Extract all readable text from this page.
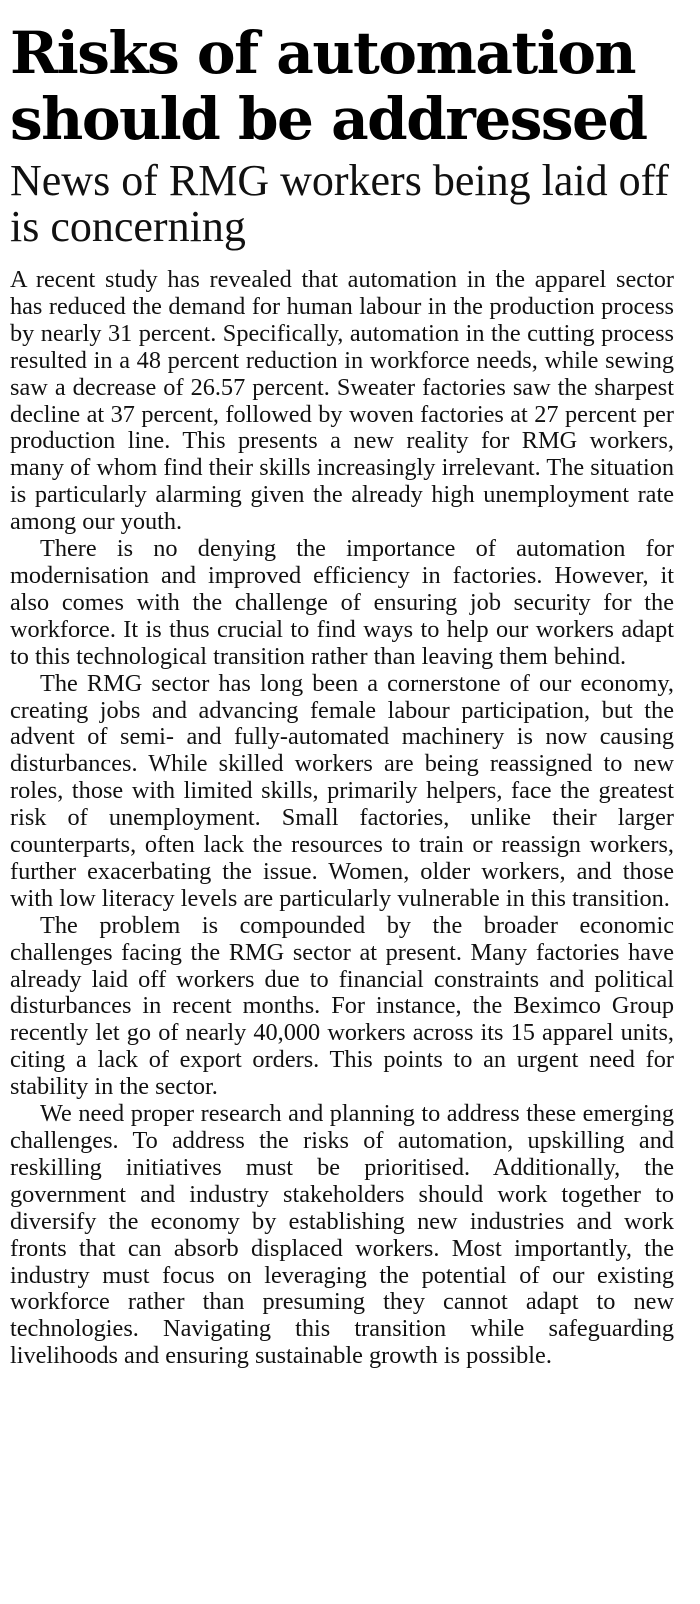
Risks of automation should be addressed
News of RMG workers being laid off is concerning

A recent study has revealed that automation in the apparel sector has reduced the demand for human labour in the production process by nearly 31 percent. Specifically, automation in the cutting process resulted in a 48 percent reduction in workforce needs, while sewing saw a decrease of 26.57 percent. Sweater factories saw the sharpest decline at 37 percent, followed by woven factories at 27 percent per production line. This presents a new reality for RMG workers, many of whom find their skills increasingly irrelevant. The situation is particularly alarming given the already high unemployment rate among our youth.

There is no denying the importance of automation for modernisation and improved efficiency in factories. However, it also comes with the challenge of ensuring job security for the workforce. It is thus crucial to find ways to help our workers adapt to this technological transition rather than leaving them behind.

The RMG sector has long been a cornerstone of our economy, creating jobs and advancing female labour participation, but the advent of semi- and fully-automated machinery is now causing disturbances. While skilled workers are being reassigned to new roles, those with limited skills, primarily helpers, face the greatest risk of unemployment. Small factories, unlike their larger counterparts, often lack the resources to train or reassign workers, further exacerbating the issue. Women, older workers, and those with low literacy levels are particularly vulnerable in this transition.

The problem is compounded by the broader economic challenges facing the RMG sector at present. Many factories have already laid off workers due to financial constraints and political disturbances in recent months. For instance, the Beximco Group recently let go of nearly 40,000 workers across its 15 apparel units, citing a lack of export orders. This points to an urgent need for stability in the sector.

We need proper research and planning to address these emerging challenges. To address the risks of automation, upskilling and reskilling initiatives must be prioritised. Additionally, the government and industry stakeholders should work together to diversify the economy by establishing new industries and work fronts that can absorb displaced workers. Most importantly, the industry must focus on leveraging the potential of our existing workforce rather than presuming they cannot adapt to new technologies. Navigating this transition while safeguarding livelihoods and ensuring sustainable growth is possible.
